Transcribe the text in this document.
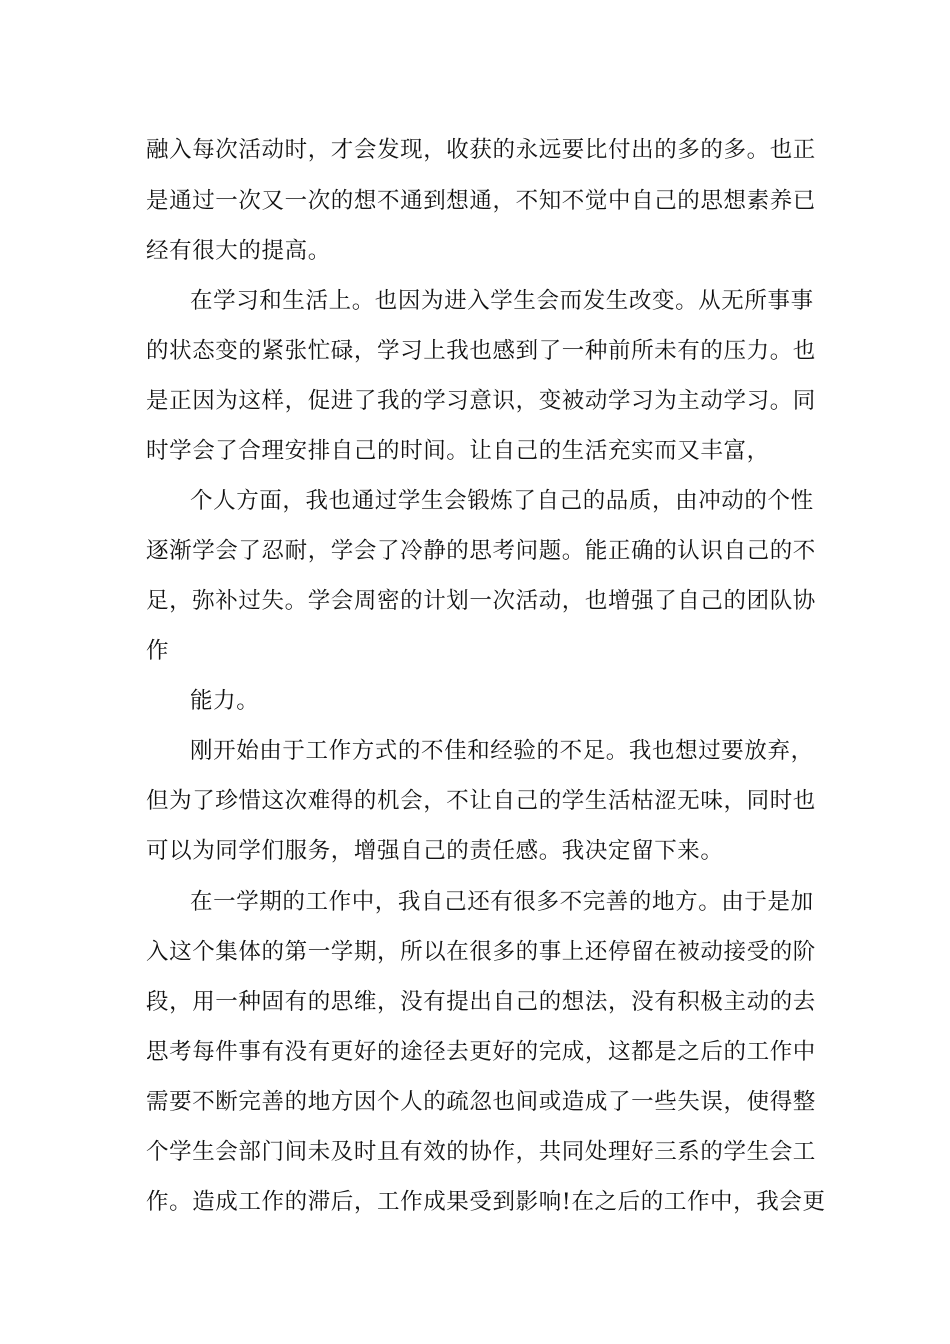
融入每次活动时，才会发现，收获的永远要比付出的多的多。也正
是通过一次又一次的想不通到想通，不知不觉中自己的思想素养已
经有很大的提高。
在学习和生活上。也因为进入学生会而发生改变。从无所事事
的状态变的紧张忙碌，学习上我也感到了一种前所未有的压力。也
是正因为这样，促进了我的学习意识，变被动学习为主动学习。同
时学会了合理安排自己的时间。让自己的生活充实而又丰富，
个人方面，我也通过学生会锻炼了自己的品质，由冲动的个性
逐渐学会了忍耐，学会了冷静的思考问题。能正确的认识自己的不
足，弥补过失。学会周密的计划一次活动，也增强了自己的团队协
作
能力。
刚开始由于工作方式的不佳和经验的不足。我也想过要放弃，
但为了珍惜这次难得的机会，不让自己的学生活枯涩无味，同时也
可以为同学们服务，增强自己的责任感。我决定留下来。
在一学期的工作中，我自己还有很多不完善的地方。由于是加
入这个集体的第一学期，所以在很多的事上还停留在被动接受的阶
段，用一种固有的思维，没有提出自己的想法，没有积极主动的去
思考每件事有没有更好的途径去更好的完成，这都是之后的工作中
需要不断完善的地方因个人的疏忽也间或造成了一些失误，使得整
个学生会部门间未及时且有效的协作，共同处理好三系的学生会工
作。造成工作的滞后，工作成果受到影响!在之后的工作中，我会更
